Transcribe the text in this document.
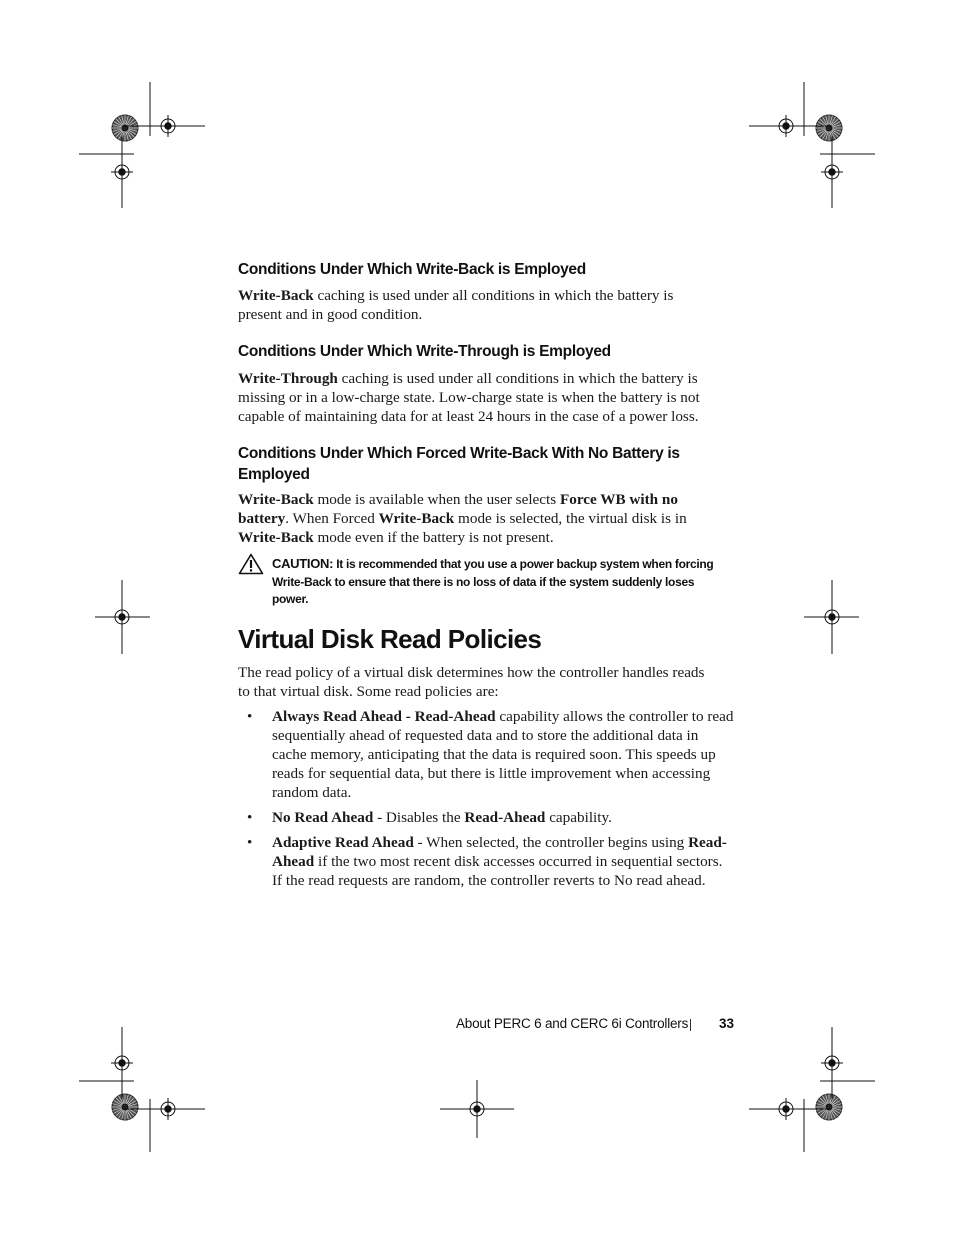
Conditions Under Which Write-Back is Employed

Write-Back caching is used under all conditions in which the battery is
present and in good condition.

Conditions Under Which Write-Through is Employed

Write-Through caching is used under all conditions in which the battery is
missing or in a low-charge state. Low-charge state is when the battery is not
capable of maintaining data for at least 24 hours in the case of a power loss.

Conditions Under Which Forced Write-Back With No Battery is
Employed

Write-Back mode is available when the user selects Force WB with no
battery. When Forced Write-Back mode is selected, the virtual disk is in
Write-Back mode even if the battery is not present.

CAUTION: It is recommended that you use a power backup system when forcing
Write-Back to ensure that there is no loss of data if the system suddenly loses
power.

Virtual Disk Read Policies

The read policy of a virtual disk determines how the controller handles reads
to that virtual disk. Some read policies are:

• Always Read Ahead - Read-Ahead capability allows the controller to read
sequentially ahead of requested data and to store the additional data in
cache memory, anticipating that the data is required soon. This speeds up
reads for sequential data, but there is little improvement when accessing
random data.
• No Read Ahead - Disables the Read-Ahead capability.
• Adaptive Read Ahead - When selected, the controller begins using Read-
Ahead if the two most recent disk accesses occurred in sequential sectors.
If the read requests are random, the controller reverts to No read ahead.
About PERC 6 and CERC 6i Controllers 33
